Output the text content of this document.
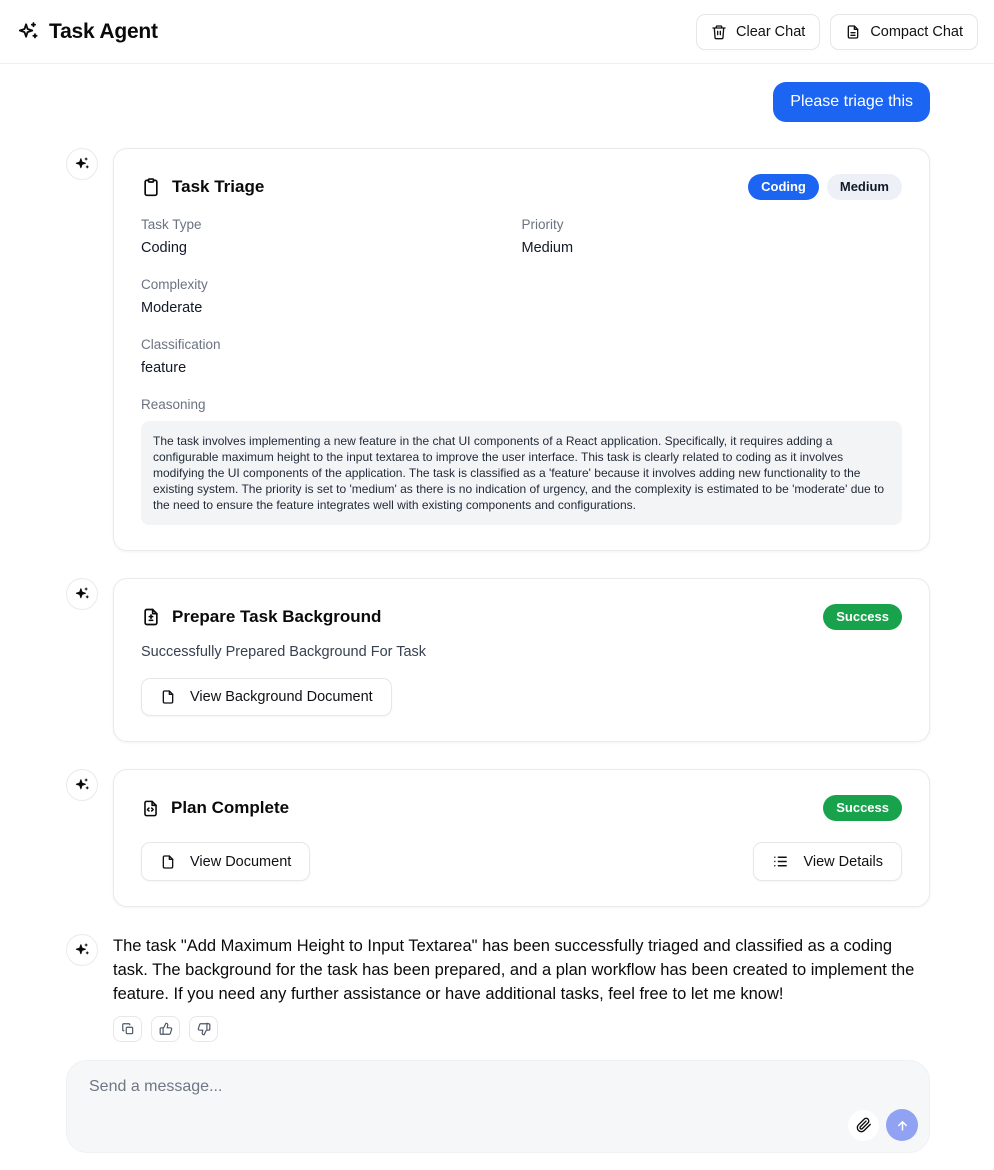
Task Agent	Clear Chat	Compact Chat
Please triage this
Task Triage	Coding	Medium
Task Type
Coding
Priority
Medium
Complexity
Moderate
Classification
feature
Reasoning
The task involves implementing a new feature in the chat UI components of a React application. Specifically, it requires adding a configurable maximum height to the input textarea to improve the user interface. This task is clearly related to coding as it involves modifying the UI components of the application. The task is classified as a 'feature' because it involves adding new functionality to the existing system. The priority is set to 'medium' as there is no indication of urgency, and the complexity is estimated to be 'moderate' due to the need to ensure the feature integrates well with existing components and configurations.
Prepare Task Background	Success
Successfully Prepared Background For Task
View Background Document
Plan Complete	Success
View Document	View Details

The task "Add Maximum Height to Input Textarea" has been successfully triaged and classified as a coding task. The background for the task has been prepared, and a plan workflow has been created to implement the feature. If you need any further assistance or have additional tasks, feel free to let me know!

Send a message...
